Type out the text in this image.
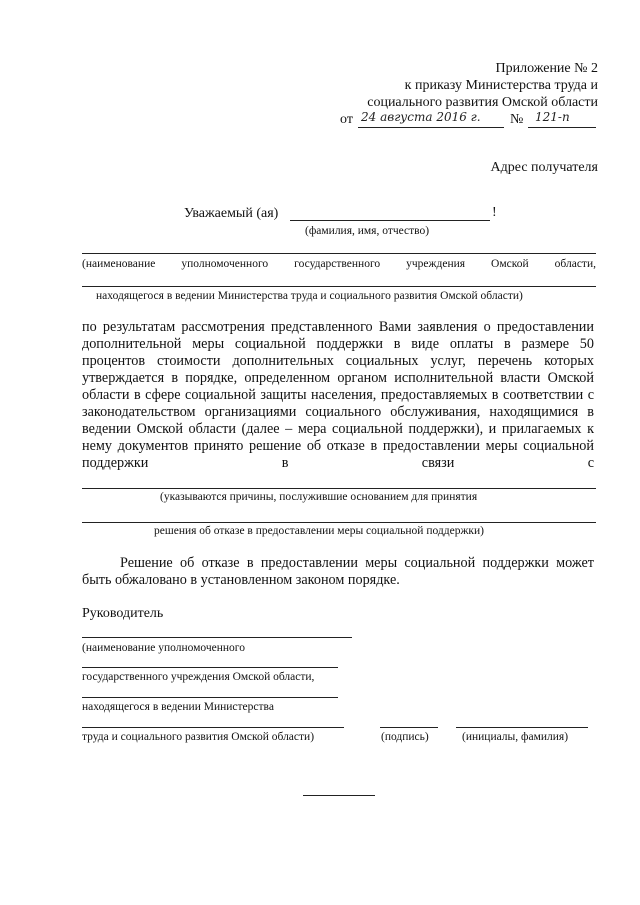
Приложение № 2
к приказу Министерства труда и
социального развития Омской области
от 24 августа 2016 г. № 121-п
Адрес получателя
Уважаемый (ая)	!
(фамилия, имя, отчество)
(наименование уполномоченного государственного учреждения Омской области,
находящегося в ведении Министерства труда и социального развития Омской области)

по результатам рассмотрения представленного Вами заявления о предоставлении дополнительной меры социальной поддержки в виде оплаты в размере 50 процентов стоимости дополнительных социальных услуг, перечень которых утверждается в порядке, определенном органом исполнительной власти Омской области в сфере социальной защиты населения, предоставляемых в соответствии с законодательством организациями социального обслуживания, находящимися в ведении Омской области (далее – мера социальной поддержки), и прилагаемых к нему документов принято решение об отказе в предоставлении меры социальной поддержки в связи с

(указываются причины, послужившие основанием для принятия
решения об отказе в предоставлении меры социальной поддержки)

Решение об отказе в предоставлении меры социальной поддержки может быть обжаловано в установленном законом порядке.

Руководитель
(наименование уполномоченного
государственного учреждения Омской области,
находящегося в ведении Министерства
труда и социального развития Омской области)	(подпись)	(инициалы, фамилия)
